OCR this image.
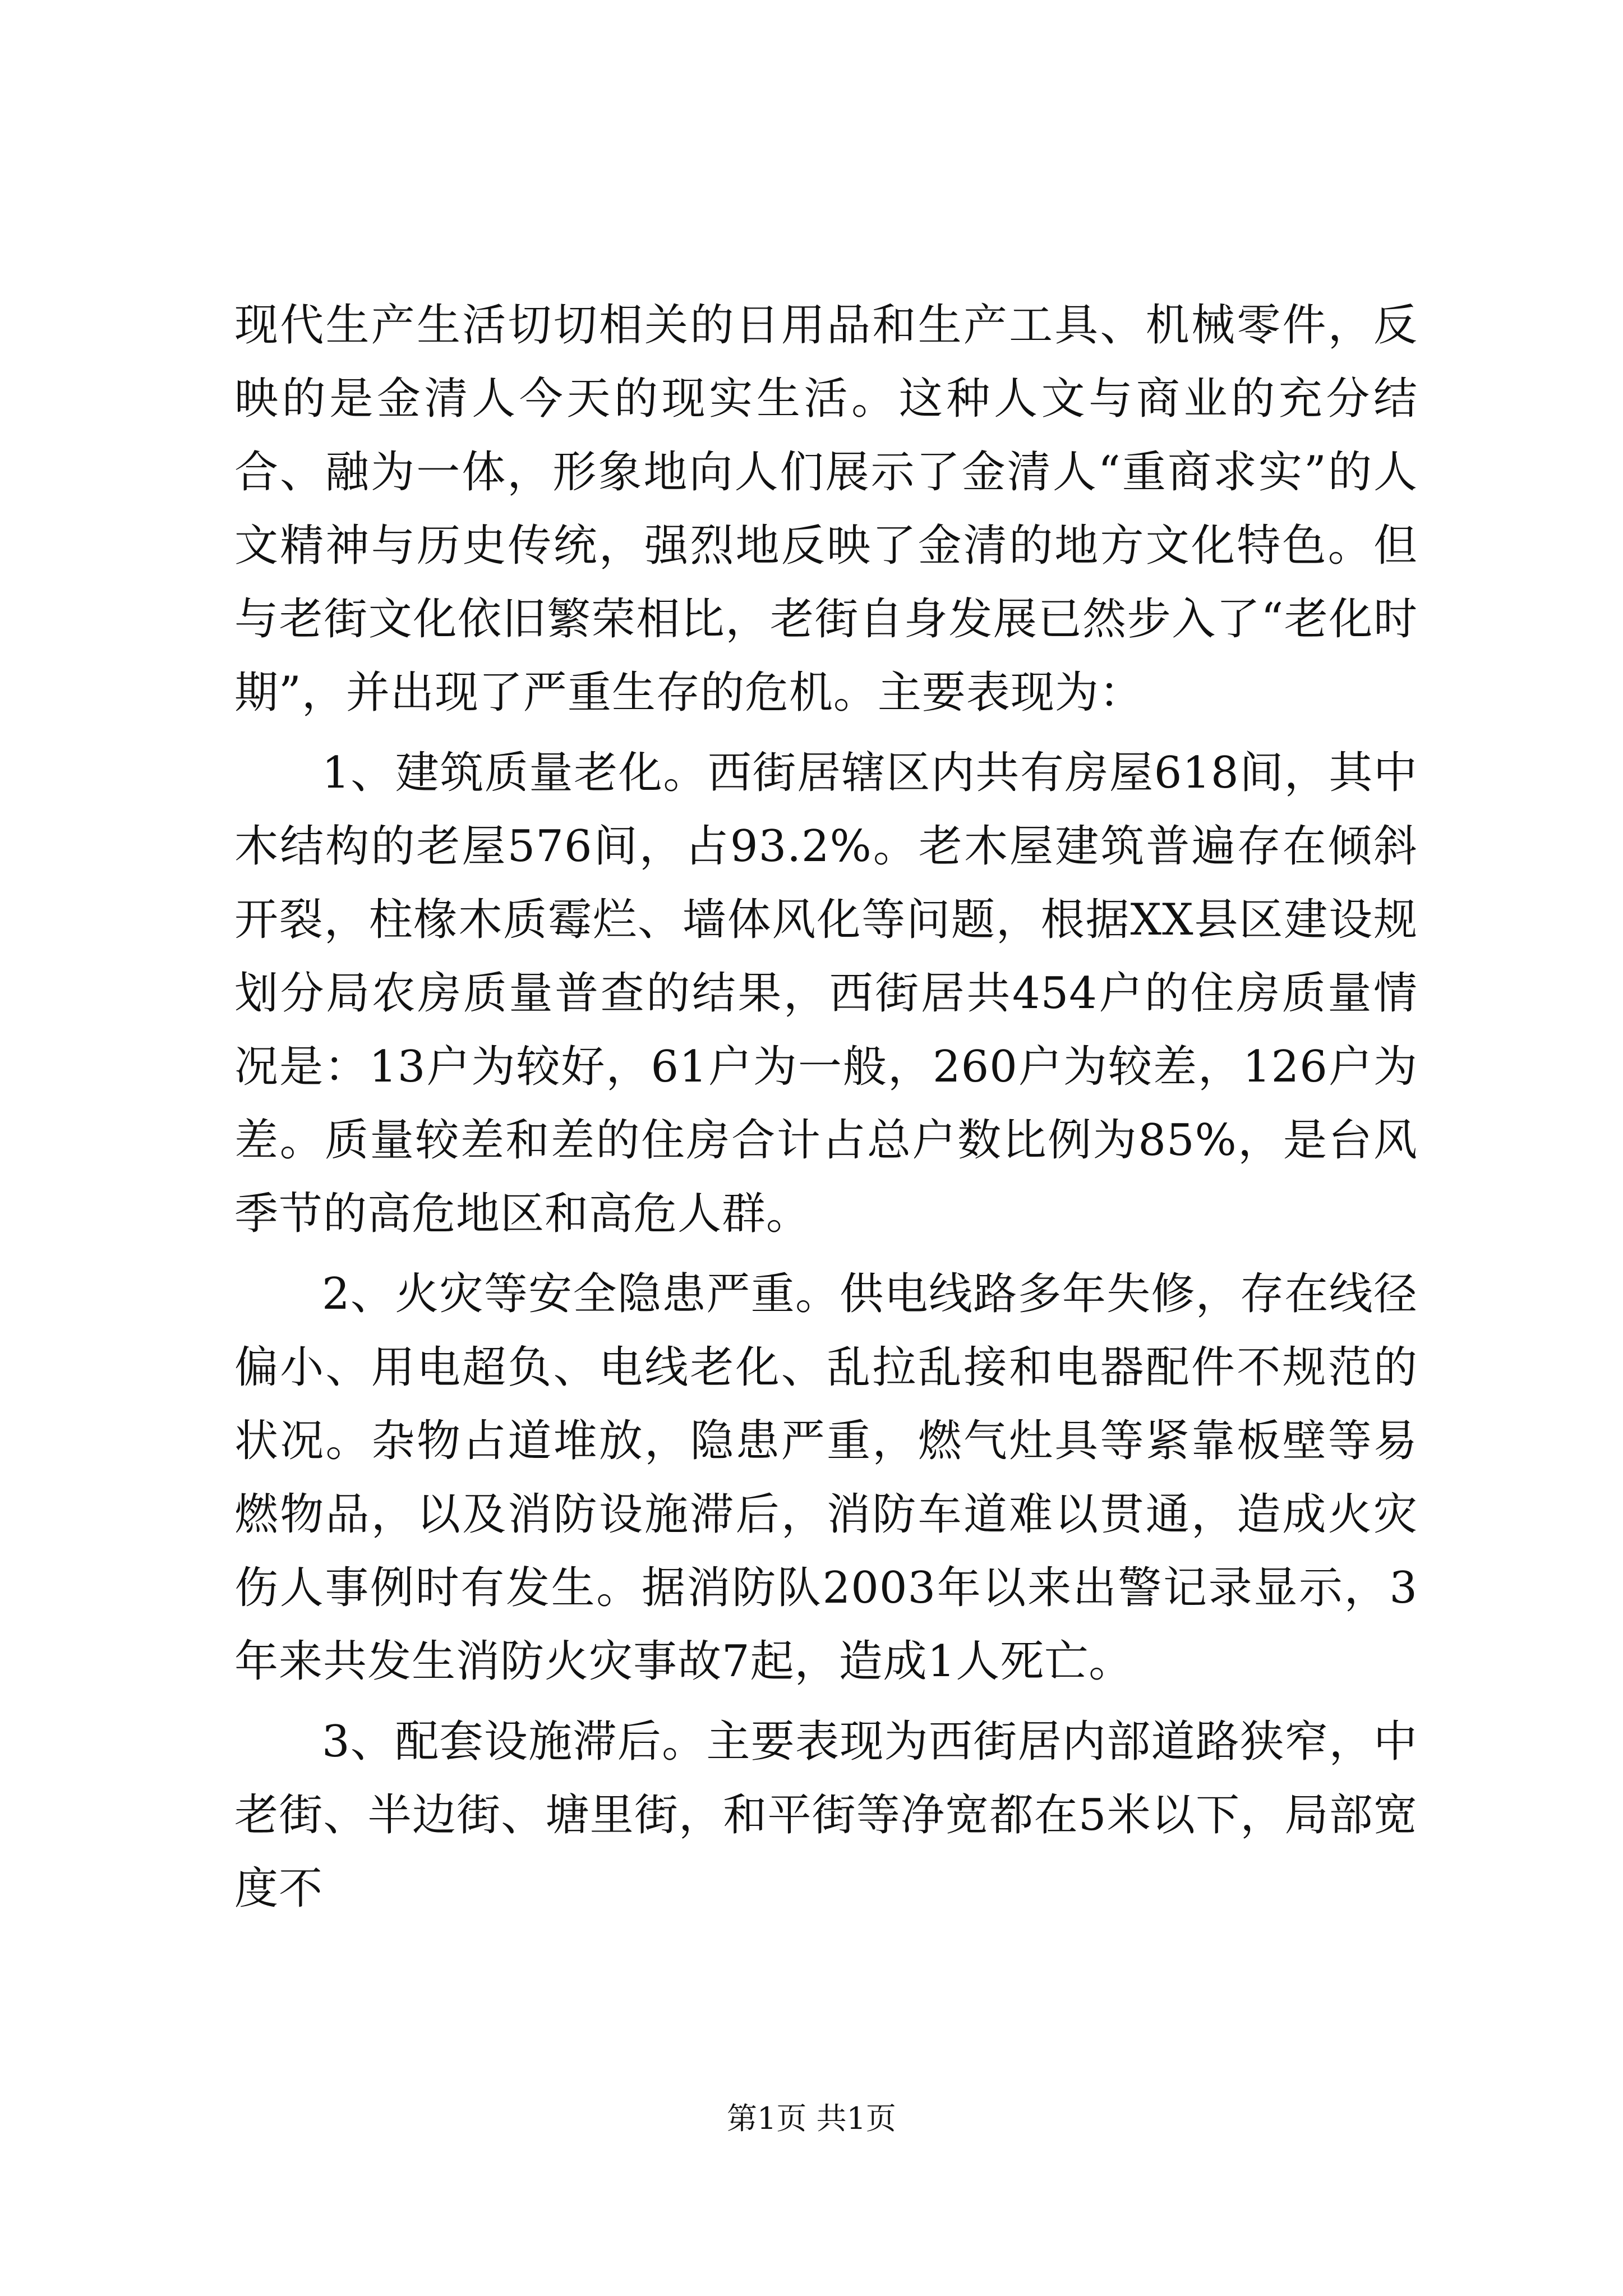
现代生产生活切切相关的日用品和生产工具、机械零件，反映的是金清人今天的现实生活。这种人文与商业的充分结合、融为一体，形象地向人们展示了金清人“重商求实”的人文精神与历史传统，强烈地反映了金清的地方文化特色。但与老街文化依旧繁荣相比，老街自身发展已然步入了“老化时期”，并出现了严重生存的危机。主要表现为：

1、建筑质量老化。西街居辖区内共有房屋618间，其中木结构的老屋576间，占93.2%。老木屋建筑普遍存在倾斜开裂，柱椽木质霉烂、墙体风化等问题，根据XX县区建设规划分局农房质量普查的结果，西街居共454户的住房质量情况是：13户为较好，61户为一般，260户为较差，126户为差。质量较差和差的住房合计占总户数比例为85%，是台风季节的高危地区和高危人群。

2、火灾等安全隐患严重。供电线路多年失修，存在线径偏小、用电超负、电线老化、乱拉乱接和电器配件不规范的状况。杂物占道堆放，隐患严重，燃气灶具等紧靠板壁等易燃物品，以及消防设施滞后，消防车道难以贯通，造成火灾伤人事例时有发生。据消防队2003年以来出警记录显示，3年来共发生消防火灾事故7起，造成1人死亡。

3、配套设施滞后。主要表现为西街居内部道路狭窄，中老街、半边街、塘里街，和平街等净宽都在5米以下，局部宽度不

第1页 共1页
